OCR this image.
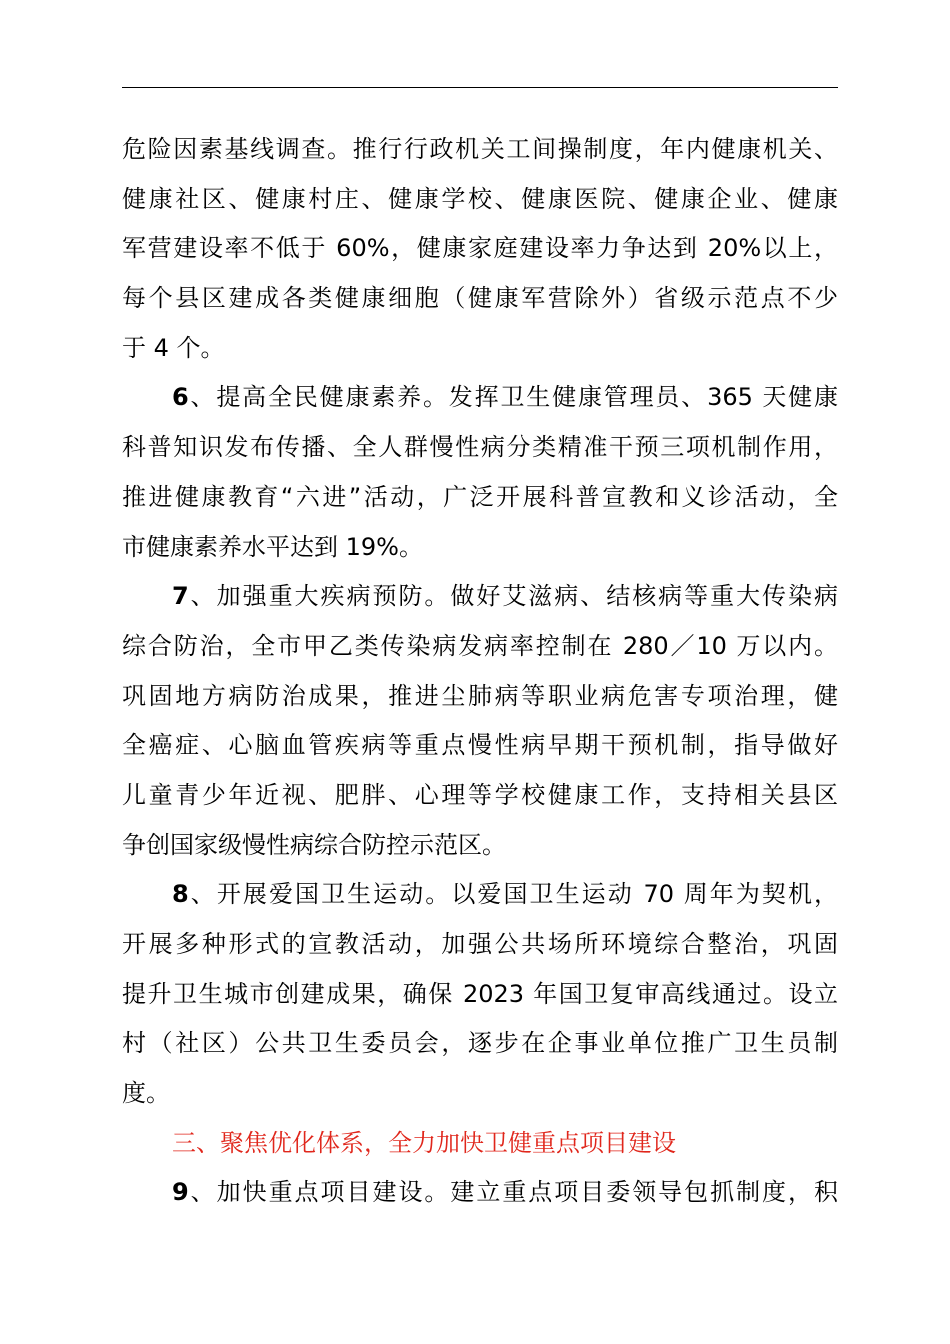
危险因素基线调查。推行行政机关工间操制度，年内健康机关、
健康社区、健康村庄、健康学校、健康医院、健康企业、健康
军营建设率不低于 60%，健康家庭建设率力争达到 20%以上，
每个县区建成各类健康细胞（健康军营除外）省级示范点不少
于 4 个。
6、提高全民健康素养。发挥卫生健康管理员、365 天健康
科普知识发布传播、全人群慢性病分类精准干预三项机制作用，
推进健康教育“六进”活动，广泛开展科普宣教和义诊活动，全
市健康素养水平达到 19%。
7、加强重大疾病预防。做好艾滋病、结核病等重大传染病
综合防治，全市甲乙类传染病发病率控制在 280／10 万以内。
巩固地方病防治成果，推进尘肺病等职业病危害专项治理，健
全癌症、心脑血管疾病等重点慢性病早期干预机制，指导做好
儿童青少年近视、肥胖、心理等学校健康工作，支持相关县区
争创国家级慢性病综合防控示范区。
8、开展爱国卫生运动。以爱国卫生运动 70 周年为契机，
开展多种形式的宣教活动，加强公共场所环境综合整治，巩固
提升卫生城市创建成果，确保 2023 年国卫复审高线通过。设立
村（社区）公共卫生委员会，逐步在企事业单位推广卫生员制
度。
三、聚焦优化体系，全力加快卫健重点项目建设
9、加快重点项目建设。建立重点项目委领导包抓制度，积
